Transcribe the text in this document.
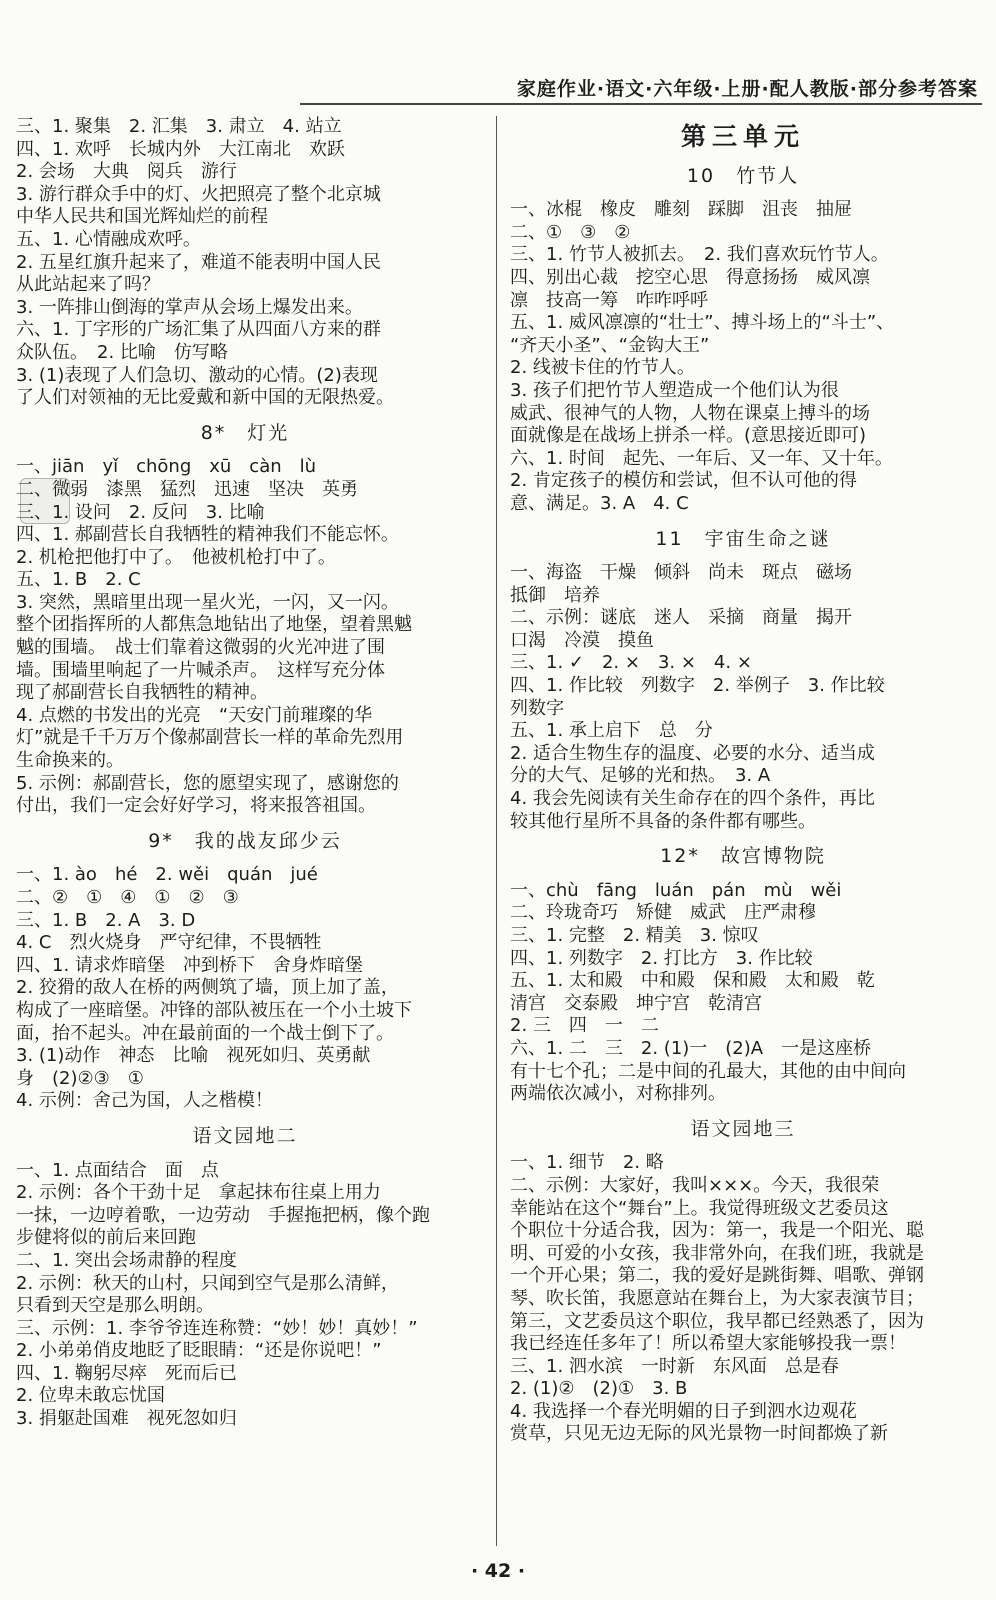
家庭作业·语文·六年级·上册·配人教版·部分参考答案
三、1. 聚集　2. 汇集　3. 肃立　4. 站立
四、1. 欢呼　长城内外　大江南北　欢跃
2. 会场　大典　阅兵　游行
3. 游行群众手中的灯、火把照亮了整个北京城
中华人民共和国光辉灿烂的前程
五、1. 心情融成欢呼。
2. 五星红旗升起来了，难道不能表明中国人民
从此站起来了吗？
3. 一阵排山倒海的掌声从会场上爆发出来。
六、1. 丁字形的广场汇集了从四面八方来的群
众队伍。　2. 比喻　仿写略
3. (1)表现了人们急切、激动的心情。(2)表现
了人们对领袖的无比爱戴和新中国的无限热爱。
8*　灯光
一、jiān　yǐ　chōng　xū　càn　lù
二、微弱　漆黑　猛烈　迅速　坚决　英勇
三、1. 设问　2. 反问　3. 比喻
四、1. 郝副营长自我牺牲的精神我们不能忘怀。
2. 机枪把他打中了。　他被机枪打中了。
五、1. B　2. C
3. 突然，黑暗里出现一星火光，一闪，又一闪。
整个团指挥所的人都焦急地钻出了地堡，望着黑魆
魆的围墙。　战士们靠着这微弱的火光冲进了围
墙。围墙里响起了一片喊杀声。　这样写充分体
现了郝副营长自我牺牲的精神。
4. 点燃的书发出的光亮　“天安门前璀璨的华
灯”就是千千万万个像郝副营长一样的革命先烈用
生命换来的。
5. 示例：郝副营长，您的愿望实现了，感谢您的
付出，我们一定会好好学习，将来报答祖国。
9*　我的战友邱少云
一、1. ào　hé　2. wěi　quán　jué
二、②　①　④　①　②　③
三、1. B　2. A　3. D
4. C　烈火烧身　严守纪律，不畏牺牲
四、1. 请求炸暗堡　冲到桥下　舍身炸暗堡
2. 狡猾的敌人在桥的两侧筑了墙，顶上加了盖，
构成了一座暗堡。冲锋的部队被压在一个小土坡下
面，抬不起头。冲在最前面的一个战士倒下了。
3. (1)动作　神态　比喻　视死如归、英勇献
身　(2)②③　①
4. 示例：舍己为国，人之楷模！
语文园地二
一、1. 点面结合　面　点
2. 示例：各个干劲十足　拿起抹布往桌上用力
一抹，一边哼着歌，一边劳动　手握拖把柄，像个跑
步健将似的前后来回跑
二、1. 突出会场肃静的程度
2. 示例：秋天的山村，只闻到空气是那么清鲜，
只看到天空是那么明朗。
三、示例：1. 李爷爷连连称赞：“妙！妙！真妙！”
2. 小弟弟俏皮地眨了眨眼睛：“还是你说吧！”
四、1. 鞠躬尽瘁　死而后已
2. 位卑未敢忘忧国
3. 捐躯赴国难　视死忽如归
第三单元
10　竹节人
一、冰棍　橡皮　雕刻　踩脚　沮丧　抽屉
二、①　③　②
三、1. 竹节人被抓去。　2. 我们喜欢玩竹节人。
四、别出心裁　挖空心思　得意扬扬　威风凛
凛　技高一筹　咋咋呼呼
五、1. 威风凛凛的“壮士”、搏斗场上的“斗士”、
“齐天小圣”、“金钩大王”
2. 线被卡住的竹节人。
3. 孩子们把竹节人塑造成一个他们认为很
威武、很神气的人物，人物在课桌上搏斗的场
面就像是在战场上拼杀一样。(意思接近即可)
六、1. 时间　起先、一年后、又一年、又十年。
2. 肯定孩子的模仿和尝试，但不认可他的得
意、满足。3. A　4. C
11　宇宙生命之谜
一、海盗　干燥　倾斜　尚未　斑点　磁场
抵御　培养
二、示例：谜底　迷人　采摘　商量　揭开
口渴　冷漠　摸鱼
三、1. ✓　2. ×　3. ×　4. ×
四、1. 作比较　列数字　2. 举例子　3. 作比较
列数字
五、1. 承上启下　总　分
2. 适合生物生存的温度、必要的水分、适当成
分的大气、足够的光和热。　3. A
4. 我会先阅读有关生命存在的四个条件，再比
较其他行星所不具备的条件都有哪些。
12*　故宫博物院
一、chù　fāng　luán　pán　mù　wěi
二、玲珑奇巧　矫健　威武　庄严肃穆
三、1. 完整　2. 精美　3. 惊叹
四、1. 列数字　2. 打比方　3. 作比较
五、1. 太和殿　中和殿　保和殿　太和殿　乾
清宫　交泰殿　坤宁宫　乾清宫
2. 三　四　一　二
六、1. 二　三　2. (1)一　(2)A　一是这座桥
有十七个孔；二是中间的孔最大，其他的由中间向
两端依次减小，对称排列。
语文园地三
一、1. 细节　2. 略
二、示例：大家好，我叫×××。今天，我很荣
幸能站在这个“舞台”上。我觉得班级文艺委员这
个职位十分适合我，因为：第一，我是一个阳光、聪
明、可爱的小女孩，我非常外向，在我们班，我就是
一个开心果；第二，我的爱好是跳街舞、唱歌、弹钢
琴、吹长笛，我愿意站在舞台上，为大家表演节目；
第三，文艺委员这个职位，我早都已经熟悉了，因为
我已经连任多年了！所以希望大家能够投我一票！
三、1. 泗水滨　一时新　东风面　总是春
2. (1)②　(2)①　3. B
4. 我选择一个春光明媚的日子到泗水边观花
赏草，只见无边无际的风光景物一时间都焕了新
· 42 ·
